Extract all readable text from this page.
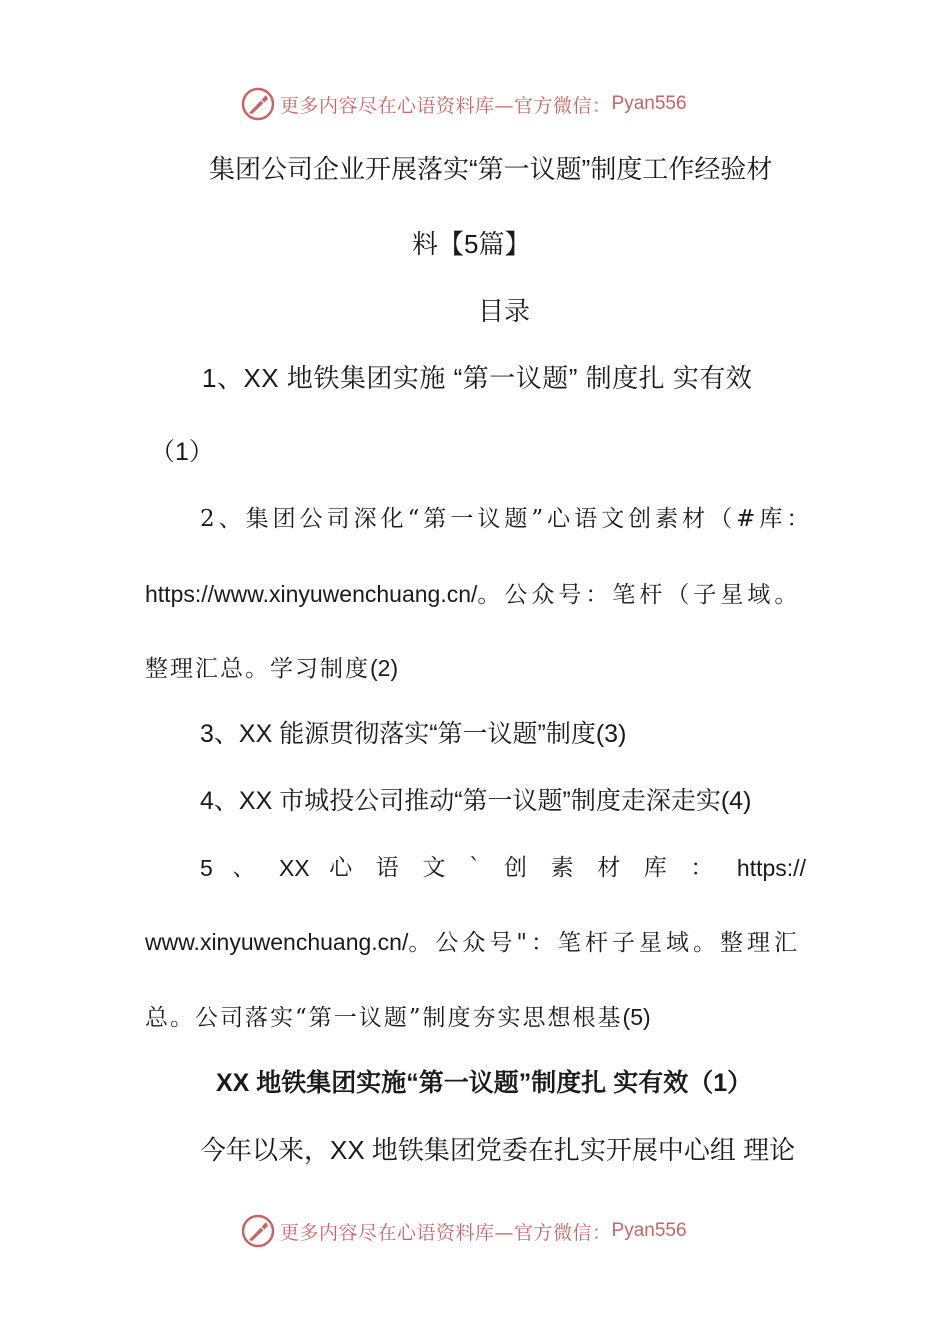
更多内容尽在心语资料库—官方微信： Pyan556
集团公司企业开展落实“第一议题”制度工作经验材
料【5篇】
目录
1、XX 地铁集团实施 “第一议题” 制度扎 实有效
（1）
2、集团公司深化“第一议题”心语文创素材（#库：
https://www.xinyuwenchuang.cn/。公众号：笔杆（子星域。
整理汇总。学习制度(2)
3、XX 能源贯彻落实“第一议题”制度(3)
4、XX 市城投公司推动“第一议题”制度走深走实(4)
5 、 XX 心 语 文 ` 创 素 材 库 ： https://
www.xinyuwenchuang.cn/。公众号"：笔杆子星域。整理汇
总。公司落实“第一议题”制度夯实思想根基(5)
XX 地铁集团实施“第一议题”制度扎 实有效（1）
今年以来，XX 地铁集团党委在扎实开展中心组 理论
更多内容尽在心语资料库—官方微信： Pyan556
